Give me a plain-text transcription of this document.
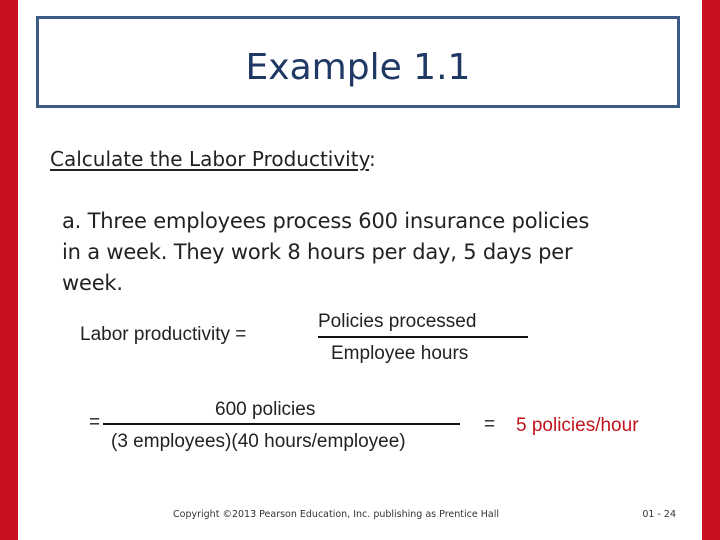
Example 1.1
Calculate the Labor Productivity:
a. Three employees process 600 insurance policies
in a week. They work 8 hours per day, 5 days per
week.
Labor productivity =
Policies processed
Employee hours
=
600 policies
(3 employees)(40 hours/employee)
= 5 policies/hour
Copyright ©2013 Pearson Education, Inc. publishing as Prentice Hall	01 - 24
